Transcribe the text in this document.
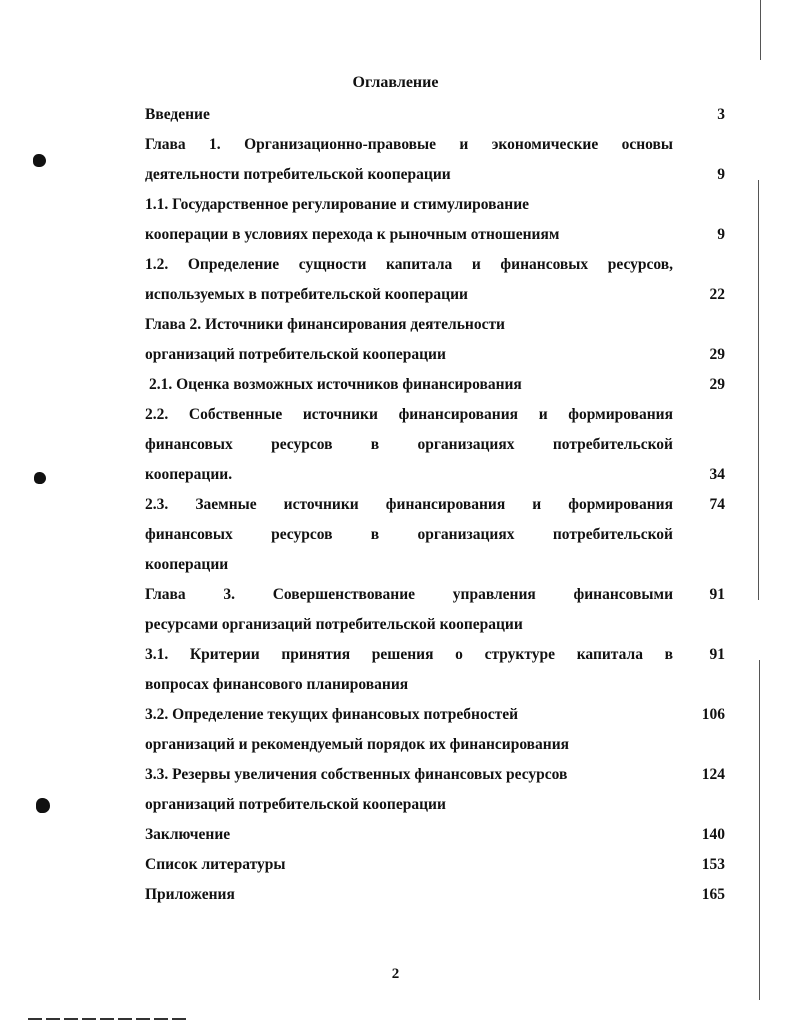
Оглавление
Введение	3
Глава 1. Организационно-правовые и экономические основы
деятельности потребительской кооперации	9
1.1. Государственное регулирование и стимулирование
кооперации в условиях перехода к рыночным отношениям	9
1.2. Определение сущности капитала и финансовых ресурсов,
используемых в потребительской кооперации	22
Глава 2. Источники финансирования деятельности
организаций потребительской кооперации	29
2.1. Оценка возможных источников финансирования	29
2.2. Собственные источники финансирования и формирования
финансовых ресурсов в организациях потребительской
кооперации.	34
2.3. Заемные источники финансирования и формирования	74
финансовых ресурсов в организациях потребительской
кооперации
Глава 3. Совершенствование управления финансовыми	91
ресурсами организаций потребительской кооперации
3.1. Критерии принятия решения о структуре капитала в	91
вопросах финансового планирования
3.2. Определение текущих финансовых потребностей	106
организаций и рекомендуемый порядок их финансирования
3.3. Резервы увеличения собственных финансовых ресурсов	124
организаций потребительской кооперации
Заключение	140
Список литературы	153
Приложения	165
2
